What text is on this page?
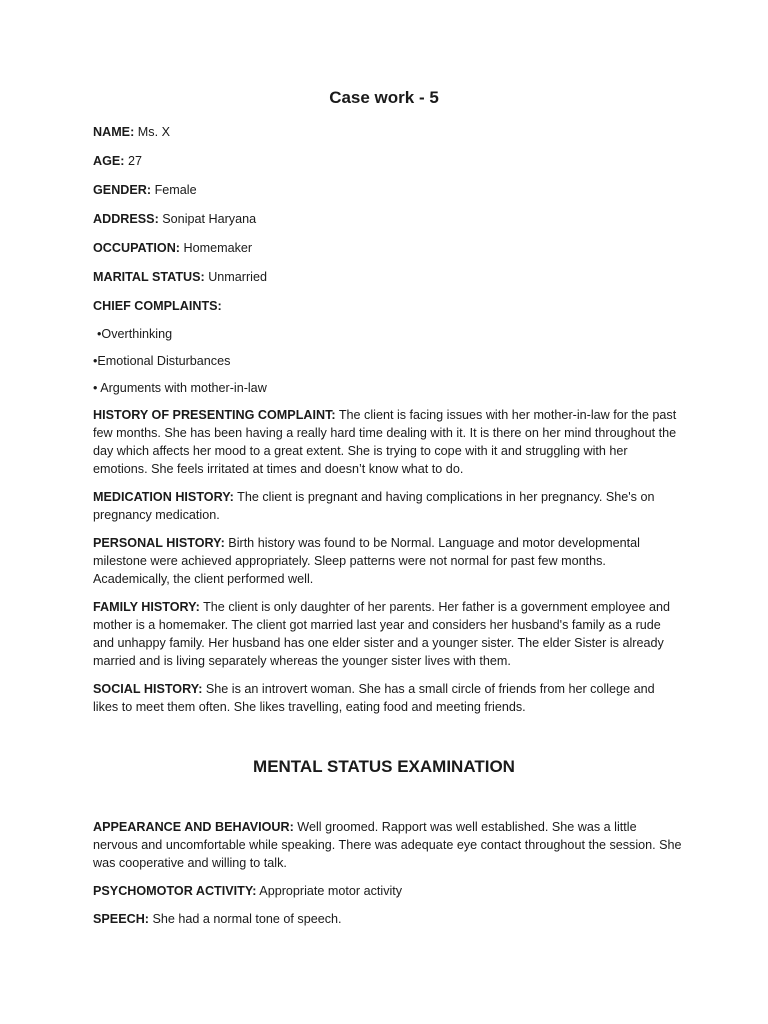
Case work - 5

NAME: Ms. X

AGE: 27

GENDER: Female

ADDRESS: Sonipat Haryana

OCCUPATION: Homemaker

MARITAL STATUS: Unmarried

CHIEF COMPLAINTS:

•Overthinking

•Emotional Disturbances

• Arguments with mother-in-law

HISTORY OF PRESENTING COMPLAINT: The client is facing issues with her mother-in-law for the past few months. She has been having a really hard time dealing with it. It is there on her mind throughout the day which affects her mood to a great extent. She is trying to cope with it and struggling with her emotions. She feels irritated at times and doesn’t know what to do.

MEDICATION HISTORY: The client is pregnant and having complications in her pregnancy. She's on pregnancy medication.

PERSONAL HISTORY: Birth history was found to be Normal. Language and motor developmental milestone were achieved appropriately. Sleep patterns were not normal for past few months. Academically, the client performed well.

FAMILY HISTORY: The client is only daughter of her parents. Her father is a government employee and mother is a homemaker. The client got married last year and considers her husband's family as a rude and unhappy family. Her husband has one elder sister and a younger sister. The elder Sister is already married and is living separately whereas the younger sister lives with them.

SOCIAL HISTORY: She is an introvert woman. She has a small circle of friends from her college and likes to meet them often. She likes travelling, eating food and meeting friends.

MENTAL STATUS EXAMINATION

APPEARANCE AND BEHAVIOUR: Well groomed. Rapport was well established. She was a little nervous and uncomfortable while speaking. There was adequate eye contact throughout the session. She was cooperative and willing to talk.

PSYCHOMOTOR ACTIVITY: Appropriate motor activity

SPEECH: She had a normal tone of speech.
